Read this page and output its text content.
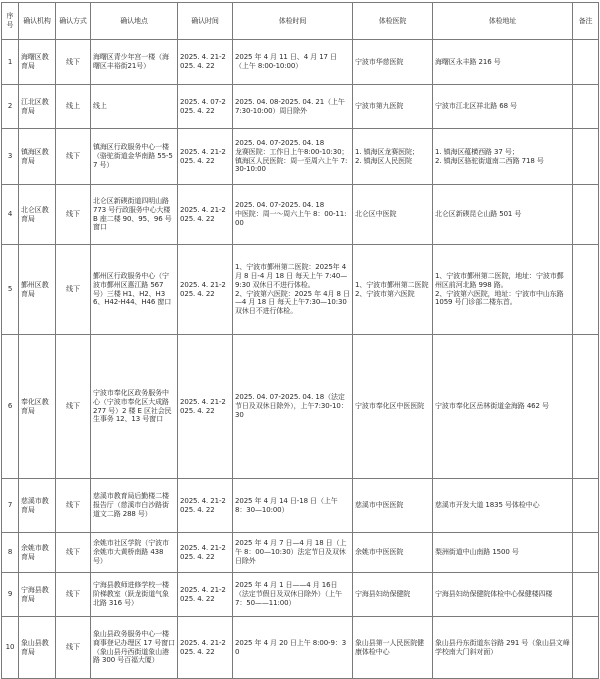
序号	确认机构	确认方式	确认地点	确认时间	体检时间	体检医院	体检地址	备注
1	海曙区教育局	线下	海曙区青少年宫一楼（海曙区丰裕街21号）	2025. 4. 21-2025. 4. 22	2025 年 4 月 11 日、4 月 17 日（上午 8:00-10:00）	宁波市华慈医院	海曙区永丰路 216 号	
2	江北区教育局	线上	线上	2025. 4. 07-2025. 4. 22	2025. 04. 08-2025. 04. 21（上午 7:30-10:00）周日除外	宁波市第九医院	宁波市江北区祥北路 68 号	
3	镇海区教育局	线下	镇海区行政服务中心一楼（骆驼街道金华南路 55-57 号）	2025. 4. 21-2025. 4. 22	2025. 04. 07-2025. 04. 18
龙赛医院：工作日上午8:00-10:30；
镇海区人民医院：周一至周六上午 7:30-10:00	1. 镇海区龙赛医院；
2. 镇海区人民医院	1. 镇海区蕴横西路 37 号；
2. 镇海区骆驼街道南二西路 718 号	
4	北仑区教育局	线下	北仑区新碶街道四明山路 773 号行政服务中心大楼 B 座二楼 90、95、96 号窗口	2025. 4. 21-2025. 4. 22	2025. 04. 07-2025. 04. 18
中医院：周一～周六上午 8：00-11:00	北仑区中医院	北仑区新碶昆仑山路 501 号	
5	鄞州区教育局	线下	鄞州区行政服务中心（宁波市鄞州区惠江路 567 号）三楼 H1、H2、H36、H42-H44、H46 窗口	2025. 4. 21-2025. 4. 22	1、宁波市鄞州第二医院：2025年 4 月 8 日-4 月 18 日 每天上午 7:40—9:30 双休日不进行体检。
2、宁波第六医院：2025 年 4月 8 日—4 月 18 日 每天上午7:30—10:30 双休日不进行体检。	1、宁波市鄞州第二医院
2、宁波市第六医院	1、宁波市鄞州第二医院，地址：宁波市鄞州区前河北路 998 路。
2、宁波第六医院，地址：宁波市中山东路 1059 号门诊部二楼东首。	
6	奉化区教育局	线下	宁波市奉化区政务服务中心（宁波市奉化区大成路 277 号）2 楼 E 区社会民生事务 12、13 号窗口	2025. 4. 21-2025. 4. 22	2025. 04. 07-2025. 04. 18（法定节日及双休日除外），上午7:30-10：30	宁波市奉化区中医医院	宁波市奉化区岳林街道金海路 462 号	
7	慈溪市教育局	线下	慈溪市教育局后勤楼二楼报告厅（慈溪市白沙路街道文二路 288 号）	2025. 4. 21-2025. 4. 22	2025 年 4 月 14 日-18 日（上午 8：30—10:00）	慈溪市中医医院	慈溪市开发大道 1835 号体检中心	
8	余姚市教育局	线下	余姚市社区学院（宁波市余姚市大黄桥南路 438 号）	2025. 4. 21-2025. 4. 22	2025 年 4 月 7 日—4 月 18 日（上午 8：00—10:30）法定节日及双休日除外	余姚市中医医院	梨洲街道中山南路 1500 号	
9	宁海县教育局	线下	宁海县教师进修学校一楼阶梯教室（跃龙街道气象北路 316 号）	2025. 4. 21-2025. 4. 22	2025 年 4 月 1 日——4 月 16日（法定节假日及双休日除外）（上午 7：50——11:00）	宁海县妇幼保健院	宁海县妇幼保健院体检中心保健楼四楼	
10	象山县教育局	线下	象山县政务服务中心一楼商事登记办理区 17 号窗口（象山县丹西街道象山港路 300 号百福大厦）	2025. 4. 21-2025. 4. 22	2025 年 4 月 20 日上午 8:00-9：30	象山县第一人民医院健康体检中心	象山县丹东街道东谷路 291 号（象山县文峰学校南大门斜对面）	
